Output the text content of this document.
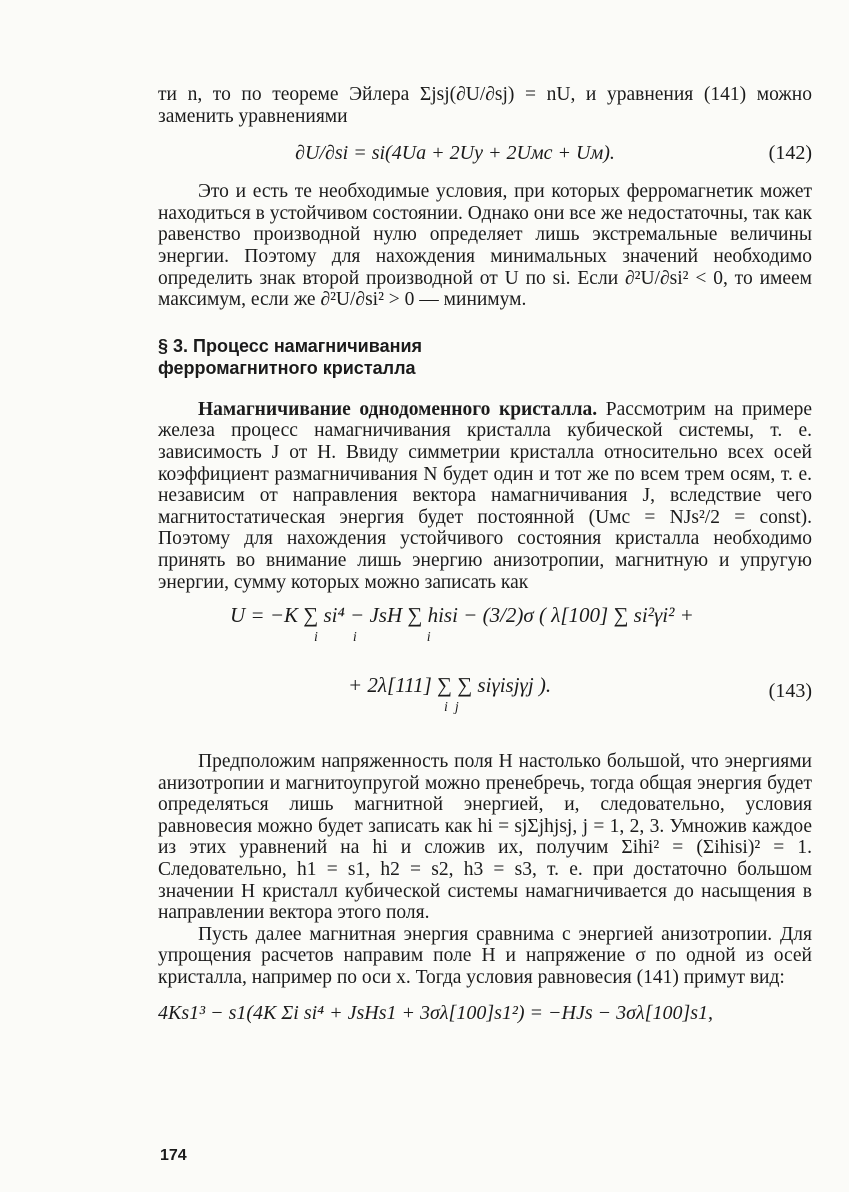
ти n, то по теореме Эйлера Σjsj(∂U/∂sj) = nU, и уравнения (141) можно заменить уравнениями

∂U/∂si = si(4Ua + 2Uу + 2Uмс + Uм).	(142)

Это и есть те необходимые условия, при которых ферромагнетик может находиться в устойчивом состоянии. Однако они все же недостаточны, так как равенство производной нулю определяет лишь экстремальные величины энергии. Поэтому для нахождения минимальных значений необходимо определить знак второй производной от U по si. Если ∂²U/∂si² < 0, то имеем максимум, если же ∂²U/∂si² > 0 — минимум.

§ 3. Процесс намагничивания
ферромагнитного кристалла

Намагничивание однодоменного кристалла. Рассмотрим на примере железа процесс намагничивания кристалла кубической системы, т. е. зависимость J от H. Ввиду симметрии кристалла относительно всех осей коэффициент размагничивания N будет один и тот же по всем трем осям, т. е. независим от направления вектора намагничивания J, вследствие чего магнитостатическая энергия будет постоянной (Uмс = NJs²/2 = const). Поэтому для нахождения устойчивого состояния кристалла необходимо принять во внимание лишь энергию анизотропии, магнитную и упругую энергии, сумму которых можно записать как

U = −K ∑ si⁴ − JsH ∑ hisi − (3/2)σ ( λ[100] ∑ si²γi² +
i          i                    i
+ 2λ[111] ∑ ∑ siγisjγj ).
i  j
(143)

Предположим напряженность поля H настолько большой, что энергиями анизотропии и магнитоупругой можно пренебречь, тогда общая энергия будет определяться лишь магнитной энергией, и, следовательно, условия равновесия можно будет записать как hi = sjΣjhjsj, j = 1, 2, 3. Умножив каждое из этих уравнений на hi и сложив их, получим Σihi² = (Σihisi)² = 1. Следовательно, h1 = s1, h2 = s2, h3 = s3, т. е. при достаточно большом значении H кристалл кубической системы намагничивается до насыщения в направлении вектора этого поля.

Пусть далее магнитная энергия сравнима с энергией анизотропии. Для упрощения расчетов направим поле H и напряжение σ по одной из осей кристалла, например по оси x. Тогда условия равновесия (141) примут вид:

4Ks1³ − s1(4K Σi si⁴ + JsHs1 + 3σλ[100]s1²) = −HJs − 3σλ[100]s1,
174
